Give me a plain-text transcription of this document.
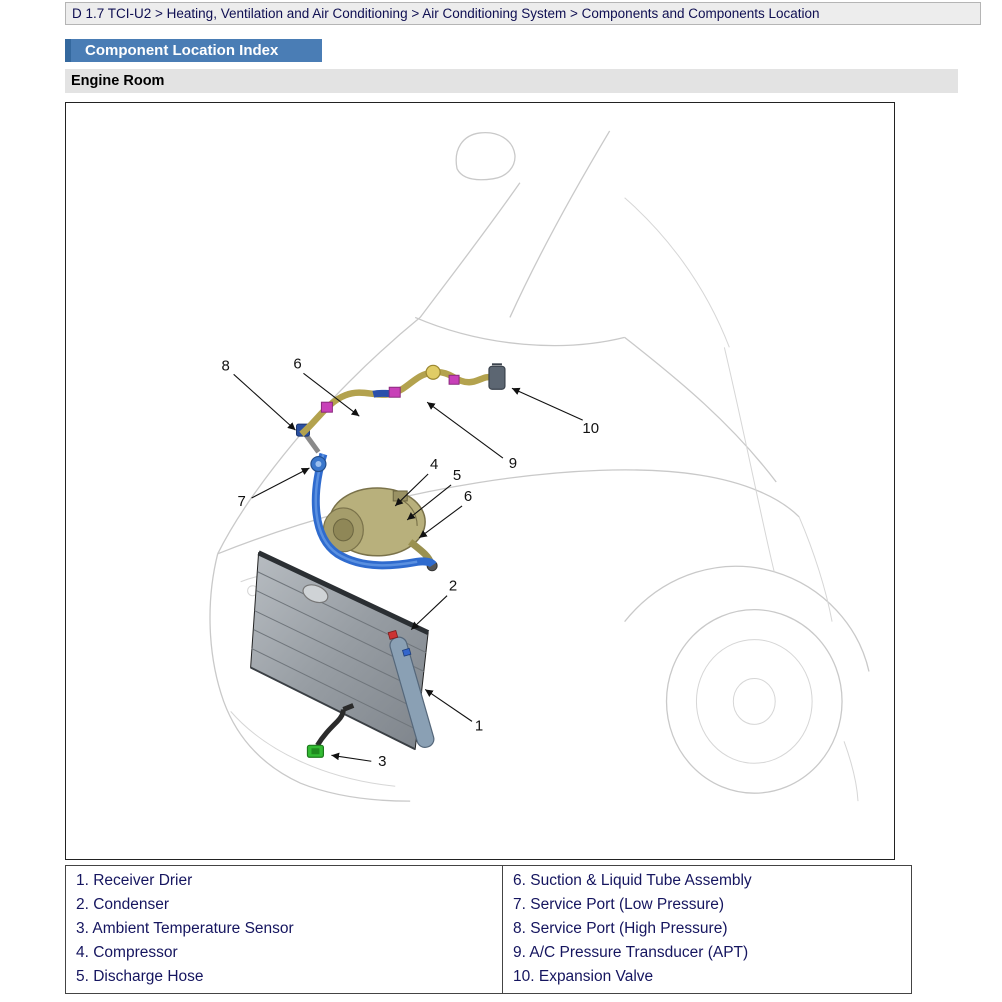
D 1.7 TCI-U2 > Heating, Ventilation and Air Conditioning > Air Conditioning System > Components and Components Location
Component Location Index
Engine Room
8	6
10
9
4
5
6
7
2
1
3
1. Receiver Drier
2. Condenser
3. Ambient Temperature Sensor
4. Compressor
5. Discharge Hose
6. Suction & Liquid Tube Assembly
7. Service Port (Low Pressure)
8. Service Port (High Pressure)
9. A/C Pressure Transducer (APT)
10. Expansion Valve
